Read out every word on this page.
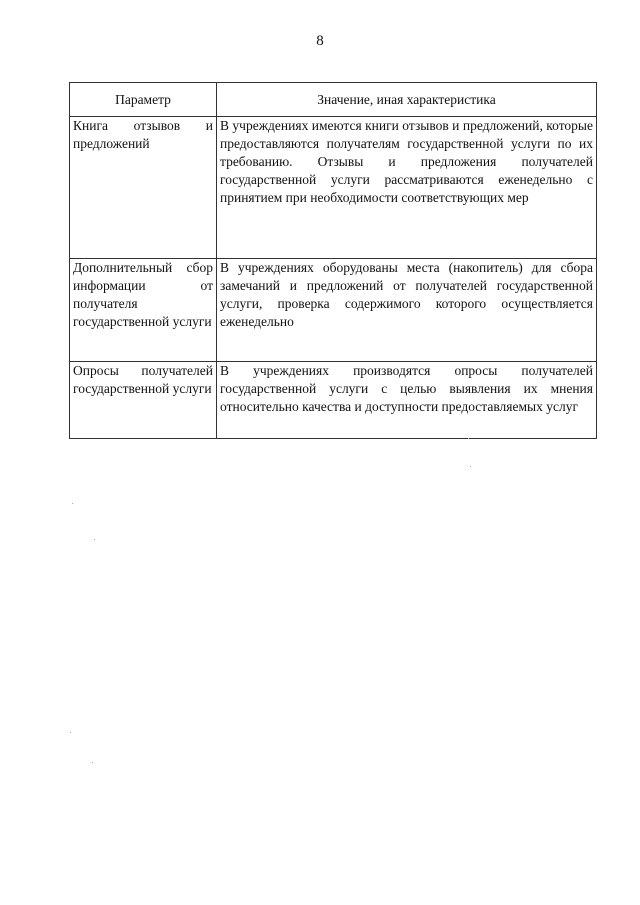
8
Параметр	Значение, иная характеристика
Книга отзывов и предложений	В учреждениях имеются книги отзывов и предложений, которые предоставляются получателям государственной услуги по их требованию. Отзывы и предложения получателей государственной услуги рассматриваются еженедельно с принятием при необходимости соответствующих мер
Дополнительный сбор информации от получателя государственной услуги	В учреждениях оборудованы места (накопитель) для сбора замечаний и предложений от получателей государственной услуги, проверка содержимого которого осуществляется еженедельно
Опросы получателей государственной услуги	В учреждениях производятся опросы получателей государственной услуги с целью выявления их мнения относительно качества и доступности предоставляемых услуг
